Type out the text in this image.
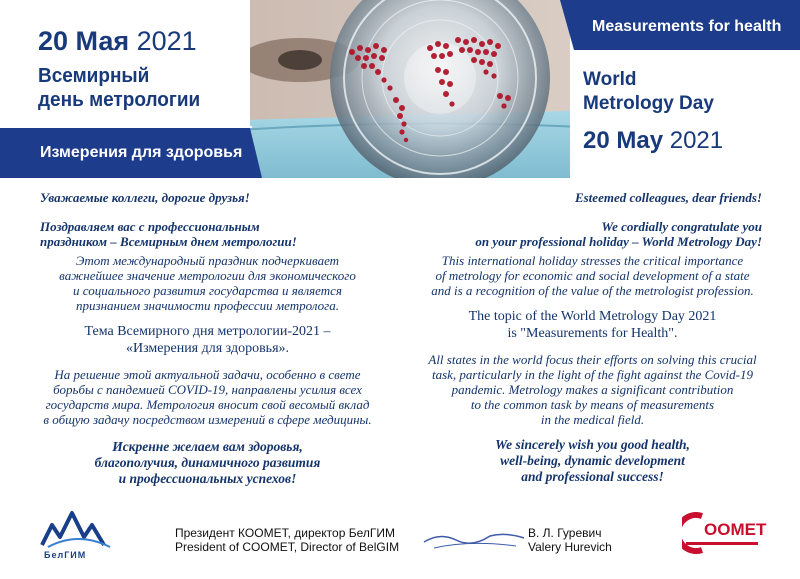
20 Мая 2021
Всемирный
день метрологии
Измерения для здоровья
Measurements for health
World
Metrology Day
20 May 2021

Уважаемые коллеги, дорогие друзья!

Поздравляем вас с профессиональным
праздником – Всемирным днем метрологии!

Этот международный праздник подчеркивает
важнейшее значение метрологии для экономического
и социального развития государства и является
признанием значимости профессии метролога.

Тема Всемирного дня метрологии-2021 –
«Измерения для здоровья».

На решение этой актуальной задачи, особенно в свете
борьбы с пандемией COVID-19, направлены усилия всех
государств мира. Метрология вносит свой весомый вклад
в общую задачу посредством измерений в сфере медицины.

Искренне желаем вам здоровья,
благополучия, динамичного развития
и профессиональных успехов!

Esteemed colleagues, dear friends!

We cordially congratulate you
on your professional holiday – World Metrology Day!

This international holiday stresses the critical importance
of metrology for economic and social development of a state
and is a recognition of the value of the metrologist profession.

The topic of the World Metrology Day 2021
is "Measurements for Health".

All states in the world focus their efforts on solving this crucial
task, particularly in the light of the fight against the Covid-19
pandemic. Metrology makes a significant contribution
to the common task by means of measurements
in the medical field.

We sincerely wish you good health,
well-being, dynamic development
and professional success!

БелГИМ
Президент КООМЕТ, директор БелГИМ
President of COOMET, Director of BelGIM
В. Л. Гуревич
Valery Hurevich
OOMET
